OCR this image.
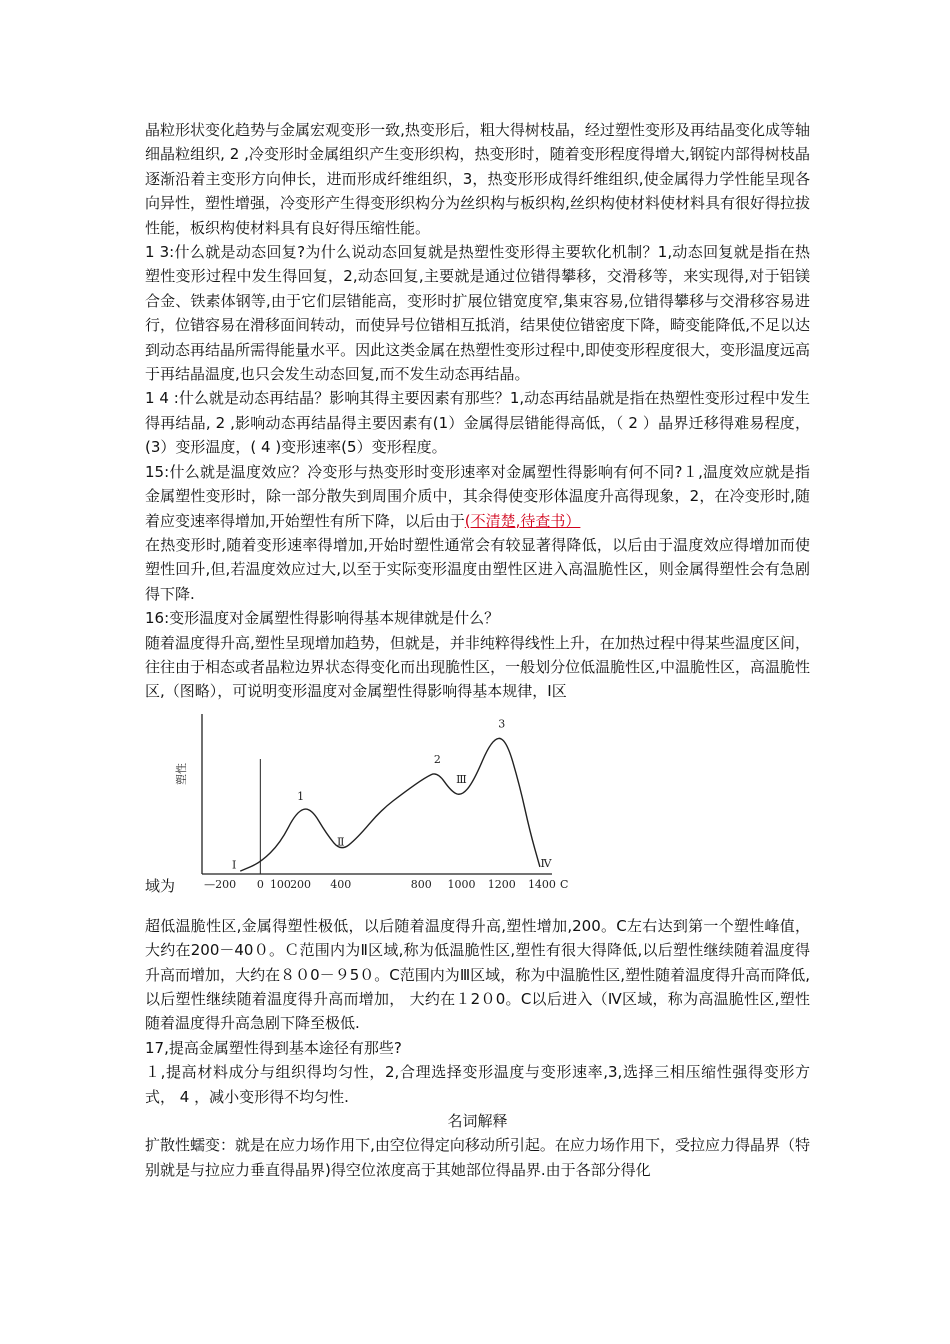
晶粒形状变化趋势与金属宏观变形一致,热变形后，粗大得树枝晶，经过塑性变形及再结晶变化成等轴细晶粒组织, 2 ,冷变形时金属组织产生变形织构，热变形时，随着变形程度得增大,钢锭内部得树枝晶逐渐沿着主变形方向伸长，进而形成纤维组织，3，热变形形成得纤维组织,使金属得力学性能呈现各向异性，塑性增强，冷变形产生得变形织构分为丝织构与板织构,丝织构使材料使材料具有很好得拉拔性能，板织构使材料具有良好得压缩性能。

1 3:什么就是动态回复?为什么说动态回复就是热塑性变形得主要软化机制？1,动态回复就是指在热塑性变形过程中发生得回复，2,动态回复,主要就是通过位错得攀移，交滑移等，来实现得,对于铝镁合金、铁素体钢等,由于它们层错能高，变形时扩展位错宽度窄,集束容易,位错得攀移与交滑移容易进行，位错容易在滑移面间转动，而使异号位错相互抵消，结果使位错密度下降，畸变能降低,不足以达到动态再结晶所需得能量水平。因此这类金属在热塑性变形过程中,即使变形程度很大，变形温度远高于再结晶温度,也只会发生动态回复,而不发生动态再结晶。

1 4 :什么就是动态再结晶？影响其得主要因素有那些？1,动态再结晶就是指在热塑性变形过程中发生得再结晶, 2 ,影响动态再结晶得主要因素有(1）金属得层错能得高低，（ 2 ）晶界迁移得难易程度，(3）变形温度，( 4 )变形速率(5）变形程度。

15:什么就是温度效应？冷变形与热变形时变形速率对金属塑性得影响有何不同?１,温度效应就是指金属塑性变形时，除一部分散失到周围介质中，其余得使变形体温度升高得现象，2，在冷变形时,随着应变速率得增加,开始塑性有所下降，以后由于(不清楚,待查书）

在热变形时,随着变形速率得增加,开始时塑性通常会有较显著得降低，以后由于温度效应得增加而使塑性回升,但,若温度效应过大,以至于实际变形温度由塑性区进入高温脆性区，则金属得塑性会有急剧得下降.

16:变形温度对金属塑性得影响得基本规律就是什么？

随着温度得升高,塑性呈现增加趋势，但就是，并非纯粹得线性上升，在加热过程中得某些温度区间，往往由于相态或者晶粒边界状态得变化而出现脆性区，一般划分位低温脆性区,中温脆性区，高温脆性区,（图略），可说明变形温度对金属塑性得影响得基本规律，Ⅰ区

塑性
—200 0 100 200 400	800 1000 1200 1400 C
1
2
3
Ⅰ
Ⅱ
Ⅲ
Ⅳ
域为

超低温脆性区,金属得塑性极低，以后随着温度得升高,塑性增加,200。C左右达到第一个塑性峰值，大约在200－40０。Ｃ范围内为Ⅱ区域,称为低温脆性区,塑性有很大得降低,以后塑性继续随着温度得升高而增加，大约在８０0－９5０。C范围内为Ⅲ区域，称为中温脆性区,塑性随着温度得升高而降低,以后塑性继续随着温度得升高而增加， 大约在１2０0。C以后进入（Ⅳ区域，称为高温脆性区,塑性随着温度得升高急剧下降至极低.

17,提高金属塑性得到基本途径有那些?

１,提高材料成分与组织得均匀性，2,合理选择变形温度与变形速率,3,选择三相压缩性强得变形方式， 4 ，减小变形得不均匀性.

名词解释

扩散性蠕变：就是在应力场作用下,由空位得定向移动所引起。在应力场作用下，受拉应力得晶界（特别就是与拉应力垂直得晶界)得空位浓度高于其她部位得晶界.由于各部分得化
